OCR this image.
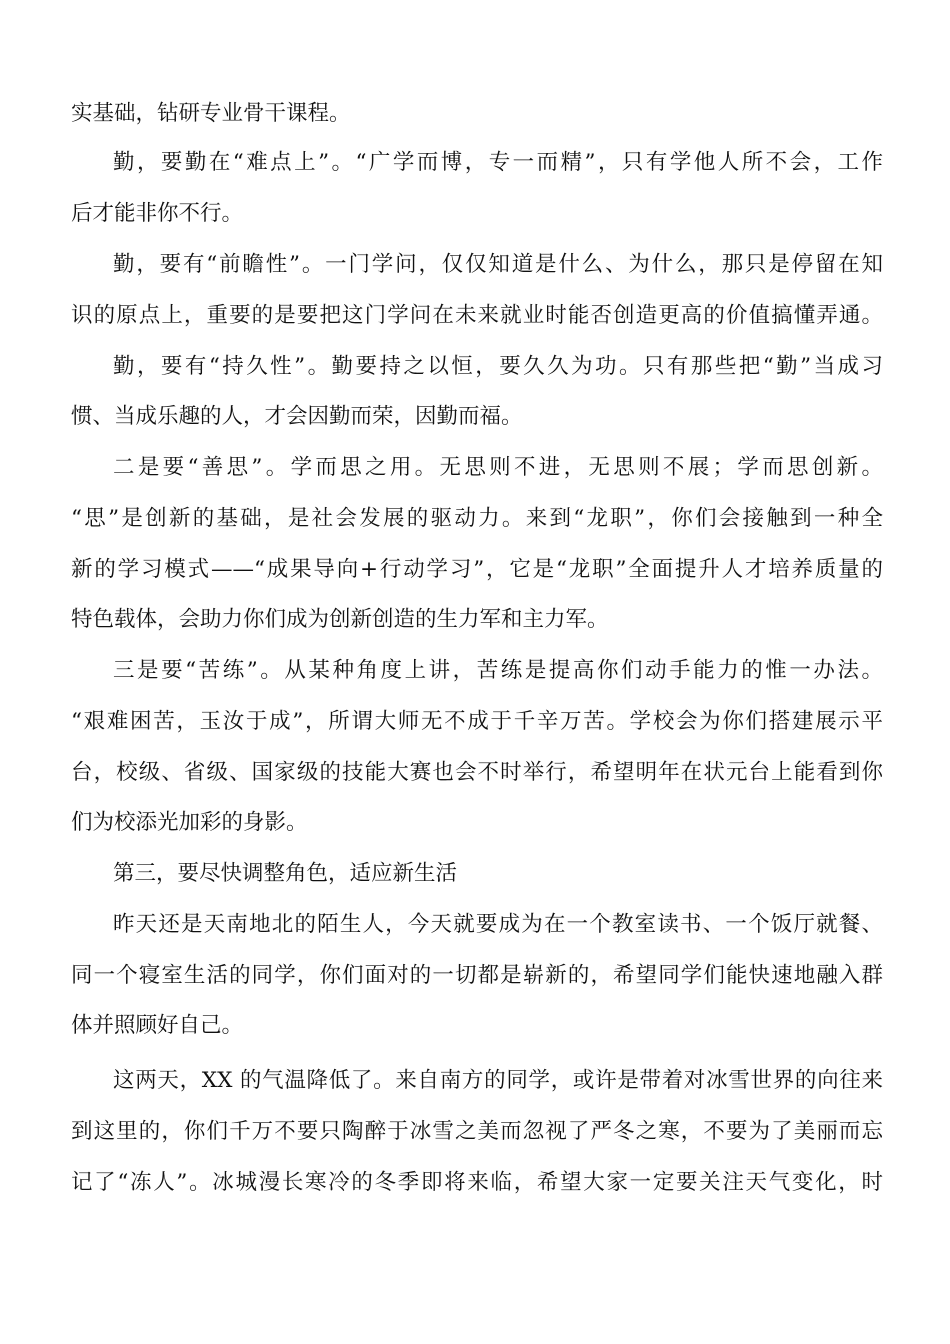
实基础，钻研专业骨干课程。
勤，要勤在“难点上”。“广学而博，专一而精”，只有学他人所不会，工作
后才能非你不行。
勤，要有“前瞻性”。一门学问，仅仅知道是什么、为什么，那只是停留在知
识的原点上，重要的是要把这门学问在未来就业时能否创造更高的价值搞懂弄通。
勤，要有“持久性”。勤要持之以恒，要久久为功。只有那些把“勤”当成习
惯、当成乐趣的人，才会因勤而荣，因勤而福。
二是要“善思”。学而思之用。无思则不进，无思则不展；学而思创新。
“思”是创新的基础，是社会发展的驱动力。来到“龙职”，你们会接触到一种全
新的学习模式——“成果导向+行动学习”，它是“龙职”全面提升人才培养质量的
特色载体，会助力你们成为创新创造的生力军和主力军。
三是要“苦练”。从某种角度上讲，苦练是提高你们动手能力的惟一办法。
“艰难困苦，玉汝于成”，所谓大师无不成于千辛万苦。学校会为你们搭建展示平
台，校级、省级、国家级的技能大赛也会不时举行，希望明年在状元台上能看到你
们为校添光加彩的身影。
第三，要尽快调整角色，适应新生活
昨天还是天南地北的陌生人，今天就要成为在一个教室读书、一个饭厅就餐、
同一个寝室生活的同学，你们面对的一切都是崭新的，希望同学们能快速地融入群
体并照顾好自己。
这两天，XX 的气温降低了。来自南方的同学，或许是带着对冰雪世界的向往来
到这里的，你们千万不要只陶醉于冰雪之美而忽视了严冬之寒，不要为了美丽而忘
记了“冻人”。冰城漫长寒冷的冬季即将来临，希望大家一定要关注天气变化，时
